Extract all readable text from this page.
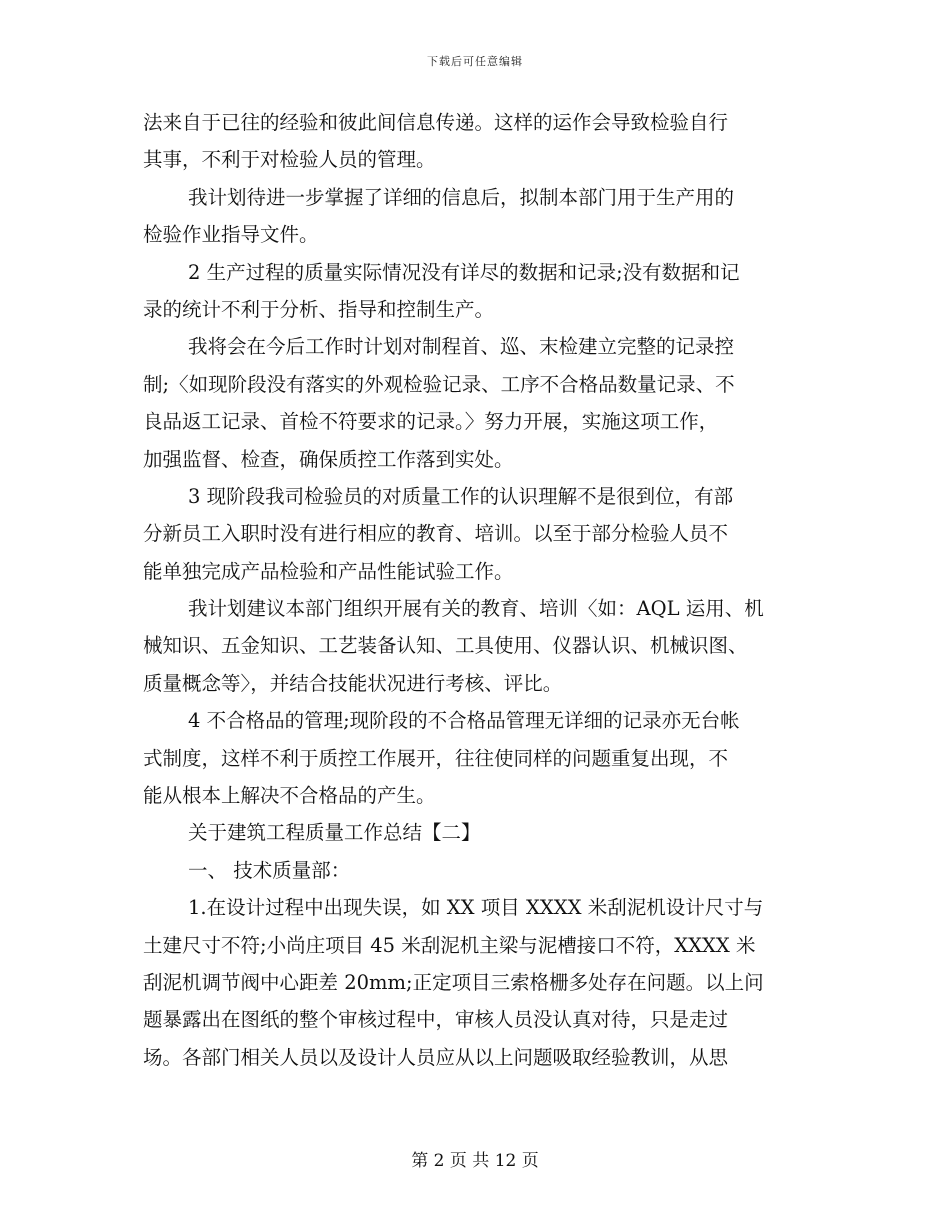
下载后可任意编辑
法来自于已往的经验和彼此间信息传递。这样的运作会导致检验自行
其事，不利于对检验人员的管理。
我计划待进一步掌握了详细的信息后，拟制本部门用于生产用的
检验作业指导文件。
2 生产过程的质量实际情况没有详尽的数据和记录;没有数据和记
录的统计不利于分析、指导和控制生产。
我将会在今后工作时计划对制程首、巡、末检建立完整的记录控
制;〈如现阶段没有落实的外观检验记录、工序不合格品数量记录、不
良品返工记录、首检不符要求的记录。〉努力开展，实施这项工作，
加强监督、检查，确保质控工作落到实处。
3 现阶段我司检验员的对质量工作的认识理解不是很到位，有部
分新员工入职时没有进行相应的教育、培训。以至于部分检验人员不
能单独完成产品检验和产品性能试验工作。
我计划建议本部门组织开展有关的教育、培训〈如：AQL 运用、机
械知识、五金知识、工艺装备认知、工具使用、仪器认识、机械识图、
质量概念等〉，并结合技能状况进行考核、评比。
4 不合格品的管理;现阶段的不合格品管理无详细的记录亦无台帐
式制度，这样不利于质控工作展开，往往使同样的问题重复出现，不
能从根本上解决不合格品的产生。
关于建筑工程质量工作总结【二】
一、 技术质量部：
1.在设计过程中出现失误，如 XX 项目 XXXX 米刮泥机设计尺寸与
土建尺寸不符;小尚庄项目 45 米刮泥机主梁与泥槽接口不符，XXXX 米
刮泥机调节阀中心距差 20mm;正定项目三索格栅多处存在问题。以上问
题暴露出在图纸的整个审核过程中，审核人员没认真对待，只是走过
场。各部门相关人员以及设计人员应从以上问题吸取经验教训，从思
第 2 页 共 12 页
